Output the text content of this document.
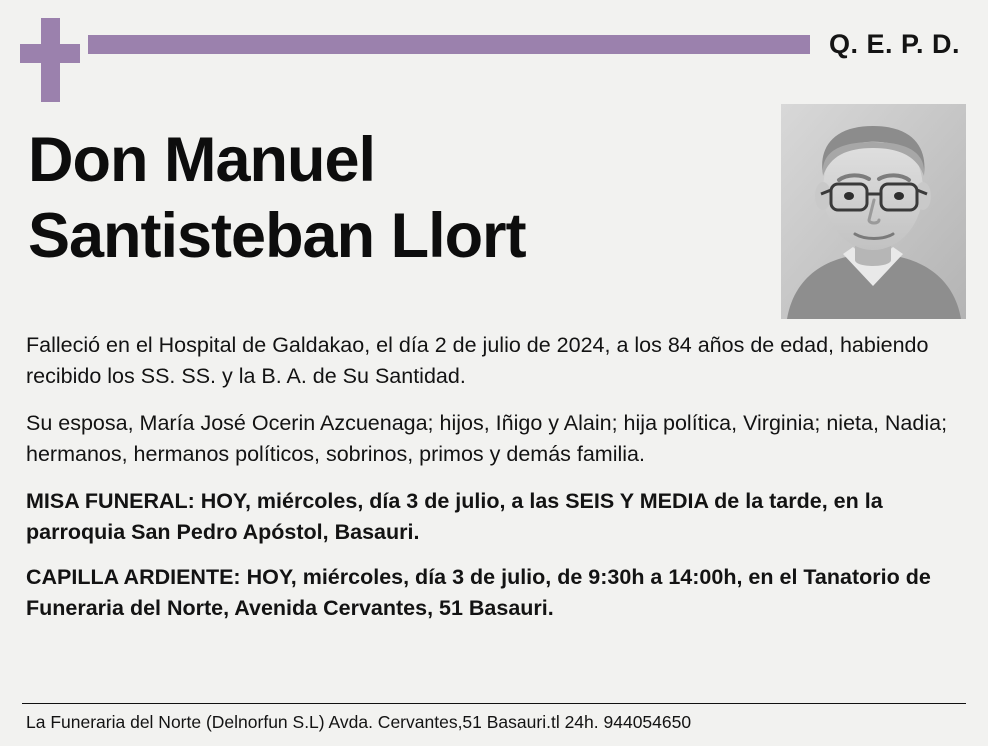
Q. E. P. D.
Don Manuel
Santisteban Llort

Falleció en el Hospital de Galdakao, el día 2 de julio de 2024, a los 84 años de edad, habiendo recibido los SS. SS. y la B. A. de Su Santidad.

Su esposa, María José Ocerin Azcuenaga; hijos, Iñigo y Alain; hija política, Virginia; nieta, Nadia; hermanos, hermanos políticos, sobrinos, primos y demás familia.

MISA FUNERAL: HOY, miércoles, día 3 de julio, a las SEIS Y MEDIA de la tarde, en la parroquia San Pedro Apóstol, Basauri.

CAPILLA ARDIENTE: HOY, miércoles, día 3 de julio, de 9:30h a 14:00h, en el Tanatorio de Funeraria del Norte, Avenida Cervantes, 51 Basauri.

La Funeraria del Norte (Delnorfun S.L) Avda. Cervantes,51 Basauri.tl 24h. 944054650
